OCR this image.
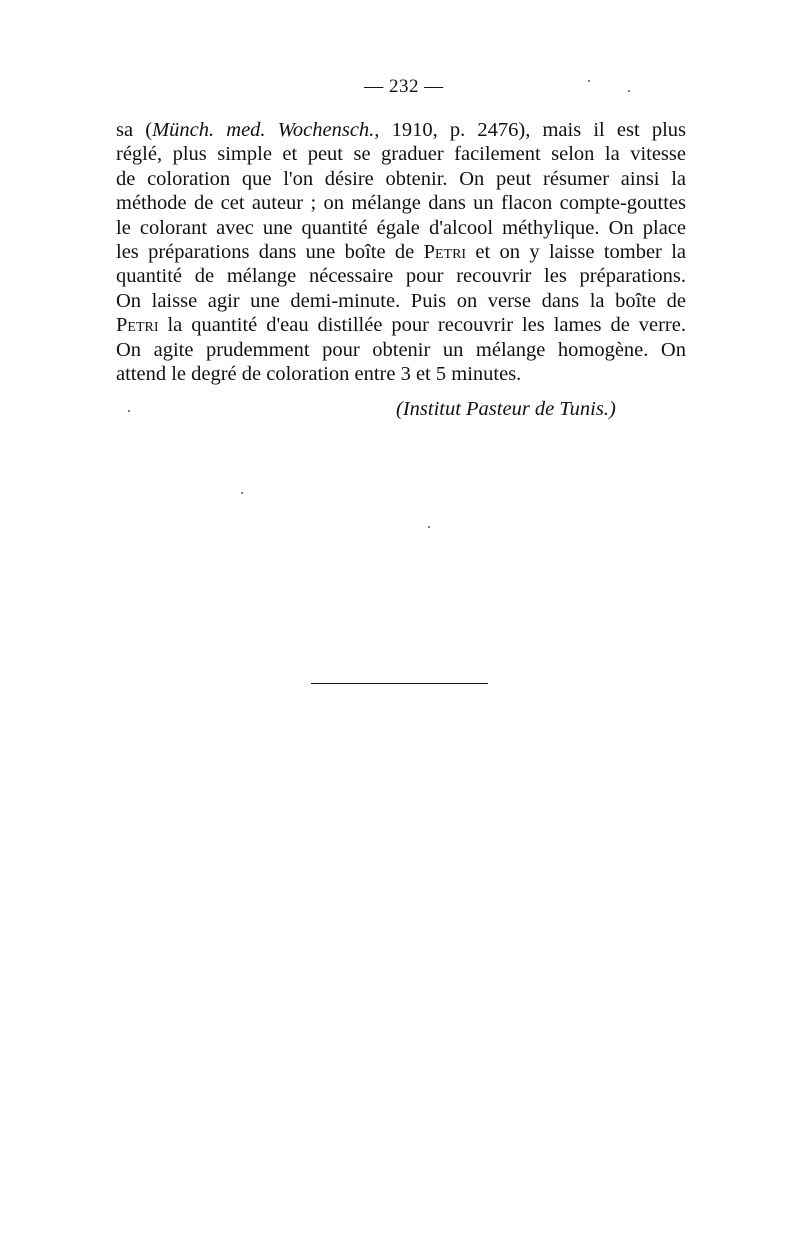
— 232 —
sa (Münch. med. Wochensch., 1910, p. 2476), mais il est plus
réglé, plus simple et peut se graduer facilement selon la vitesse
de coloration que l'on désire obtenir. On peut résumer ainsi la
méthode de cet auteur ; on mélange dans un flacon compte-gouttes
le colorant avec une quantité égale d'alcool méthylique. On place
les préparations dans une boîte de Petri et on y laisse tomber la
quantité de mélange nécessaire pour recouvrir les préparations.
On laisse agir une demi-minute. Puis on verse dans la boîte de
Petri la quantité d'eau distillée pour recouvrir les lames de verre.
On agite prudemment pour obtenir un mélange homogène. On
attend le degré de coloration entre 3 et 5 minutes.
(Institut Pasteur de Tunis.)
